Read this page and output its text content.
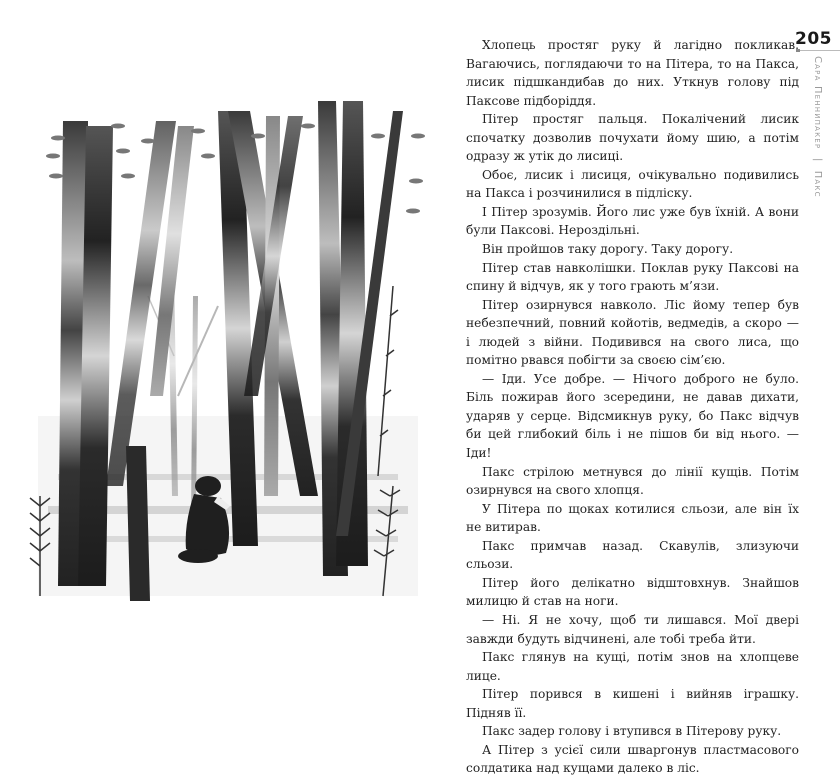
205
Сара Пеннипакер | Пакс

Хлопець простяг руку й лагідно покликав. Вагаючись, поглядаючи то на Пітера, то на Пакса, лисик підшкандибав до них. Уткнув голову під Паксове підборіддя.

Пітер простяг пальця. Покалічений лисик спочатку дозволив почухати йому шию, а потім одразу ж утік до лисиці.

Обоє, лисик і лисиця, очікувально подивились на Пакса і розчинилися в підліску.

І Пітер зрозумів. Його лис уже був їхній. А вони були Паксові. Нероздільні.

Він пройшов таку дорогу. Таку дорогу.

Пітер став навколішки. Поклав руку Паксові на спину й відчув, як у того грають м’язи.

Пітер озирнувся навколо. Ліс йому тепер був небезпечний, повний койотів, ведмедів, а скоро — і людей з війни. Подивився на свого лиса, що помітно рвався побігти за своєю сім’єю.

— Іди. Усе добре. — Нічого доброго не було. Біль пожирав його зсередини, не давав дихати, ударяв у серце. Відсмикнув руку, бо Пакс відчув би цей глибокий біль і не пішов би від нього. — Іди!

Пакс стрілою метнувся до лінії кущів. Потім озирнувся на свого хлопця.

У Пітера по щоках котилися сльози, але він їх не витирав.

Пакс примчав назад. Скавулів, злизуючи сльози.

Пітер його делікатно відштовхнув. Знайшов милицю й став на ноги.

— Ні. Я не хочу, щоб ти лишався. Мої двері завжди будуть відчинені, але тобі треба йти.

Пакс глянув на кущі, потім знов на хлопцеве лице.

Пітер порився в кишені і вийняв іграшку. Підняв її.

Пакс задер голову і втупився в Пітерову руку.

А Пітер з усієї сили шваргонув пластмасового солдатика над кущами далеко в ліс.
